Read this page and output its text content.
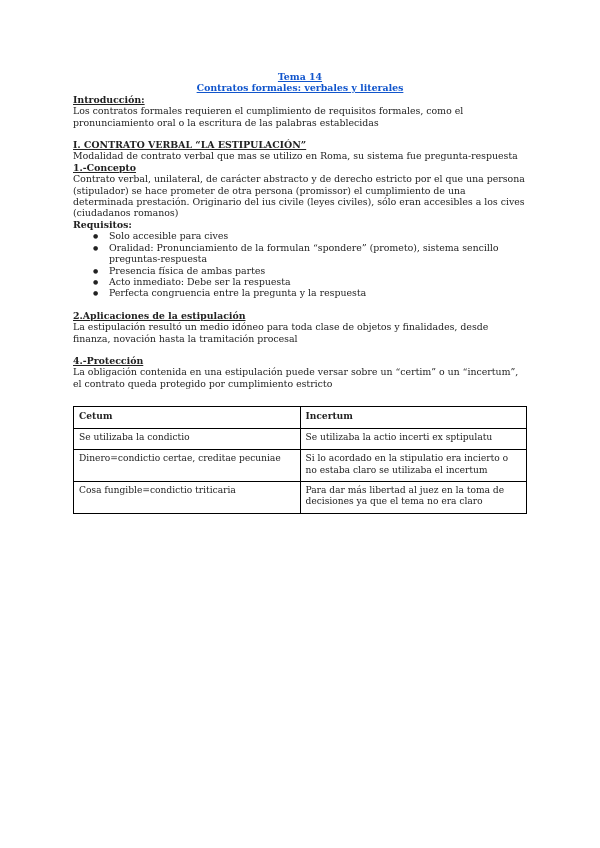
Tema 14

Contratos formales: verbales y literales

Introducción:

Los contratos formales requieren el cumplimiento de requisitos formales, como el pronunciamiento oral o la escritura de las palabras establecidas

I. CONTRATO VERBAL “LA ESTIPULACIÓN”

Modalidad de contrato verbal que mas se utilizo en Roma, su sistema fue pregunta-respuesta

1.-Concepto

Contrato verbal, unilateral, de carácter abstracto y de derecho estricto por el que una persona (stipulador) se hace prometer de otra persona (promissor) el cumplimiento de una determinada prestación. Originario del ius civile (leyes civiles), sólo eran accesibles a los cives (ciudadanos romanos)

Requisitos:

● Solo accesible para cives
● Oralidad: Pronunciamiento de la formulan “spondere” (prometo), sistema sencillo preguntas-respuesta
● Presencia física de ambas partes
● Acto inmediato: Debe ser la respuesta
● Perfecta congruencia entre la pregunta y la respuesta

2.Aplicaciones de la estipulación

La estipulación resultó un medio idóneo para toda clase de objetos y finalidades, desde finanza, novación hasta la tramitación procesal

4.-Protección

La obligación contenida en una estipulación puede versar sobre un “certim” o un “incertum”, el contrato queda protegido por cumplimiento estricto

Cetum	Incertum
Se utilizaba la condictio	Se utilizaba la actio incerti ex sptipulatu
Dinero=condictio certae, creditae pecuniae	Si lo acordado en la stipulatio era incierto o no estaba claro se utilizaba el incertum
Cosa fungible=condictio triticaria	Para dar más libertad al juez en la toma de decisiones ya que el tema no era claro
